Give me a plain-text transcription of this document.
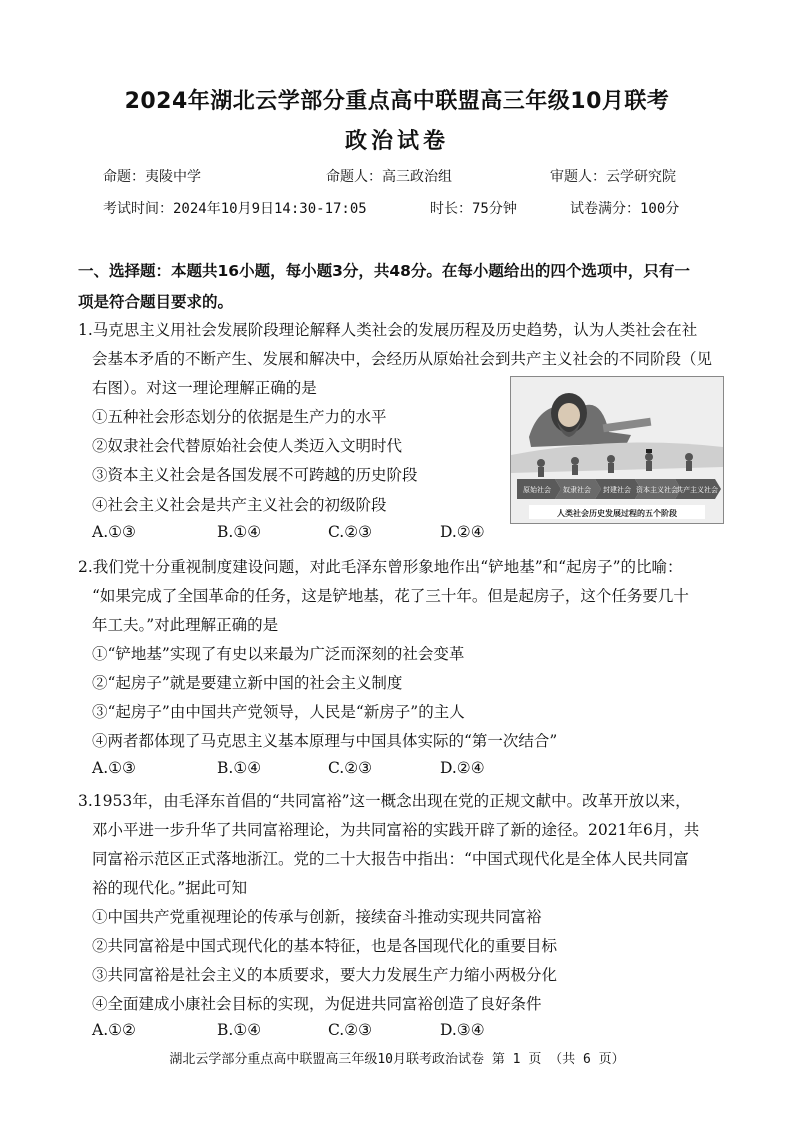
2024年湖北云学部分重点高中联盟高三年级10月联考
政治试卷
命题：夷陵中学	命题人：高三政治组	审题人：云学研究院
考试时间：2024年10月9日14:30-17:05	时长：75分钟	试卷满分：100分
一、选择题：本题共16小题，每小题3分，共48分。在每小题给出的四个选项中，只有一
项是符合题目要求的。
1.马克思主义用社会发展阶段理论解释人类社会的发展历程及历史趋势，认为人类社会在社
会基本矛盾的不断产生、发展和解决中，会经历从原始社会到共产主义社会的不同阶段（见
右图）。对这一理论理解正确的是
①五种社会形态划分的依据是生产力的水平
②奴隶社会代替原始社会使人类迈入文明时代
③资本主义社会是各国发展不可跨越的历史阶段
④社会主义社会是共产主义社会的初级阶段
A.①③	B.①④	C.②③	D.②④
原始社会 奴隶社会 封建社会 资本主义社会
共产主义社会
人类社会历史发展过程的五个阶段
2.我们党十分重视制度建设问题，对此毛泽东曾形象地作出“铲地基”和“起房子”的比喻：
“如果完成了全国革命的任务，这是铲地基，花了三十年。但是起房子，这个任务要几十
年工夫。”对此理解正确的是
①“铲地基”实现了有史以来最为广泛而深刻的社会变革
②“起房子”就是要建立新中国的社会主义制度
③“起房子”由中国共产党领导，人民是“新房子”的主人
④两者都体现了马克思主义基本原理与中国具体实际的“第一次结合”
A.①③	B.①④	C.②③	D.②④
3.1953年，由毛泽东首倡的“共同富裕”这一概念出现在党的正规文献中。改革开放以来，
邓小平进一步升华了共同富裕理论，为共同富裕的实践开辟了新的途径。2021年6月，共
同富裕示范区正式落地浙江。党的二十大报告中指出：“中国式现代化是全体人民共同富
裕的现代化。”据此可知
①中国共产党重视理论的传承与创新，接续奋斗推动实现共同富裕
②共同富裕是中国式现代化的基本特征，也是各国现代化的重要目标
③共同富裕是社会主义的本质要求，要大力发展生产力缩小两极分化
④全面建成小康社会目标的实现，为促进共同富裕创造了良好条件
A.①②	B.①④	C.②③	D.③④
湖北云学部分重点高中联盟高三年级10月联考政治试卷 第 1 页 （共 6 页）
